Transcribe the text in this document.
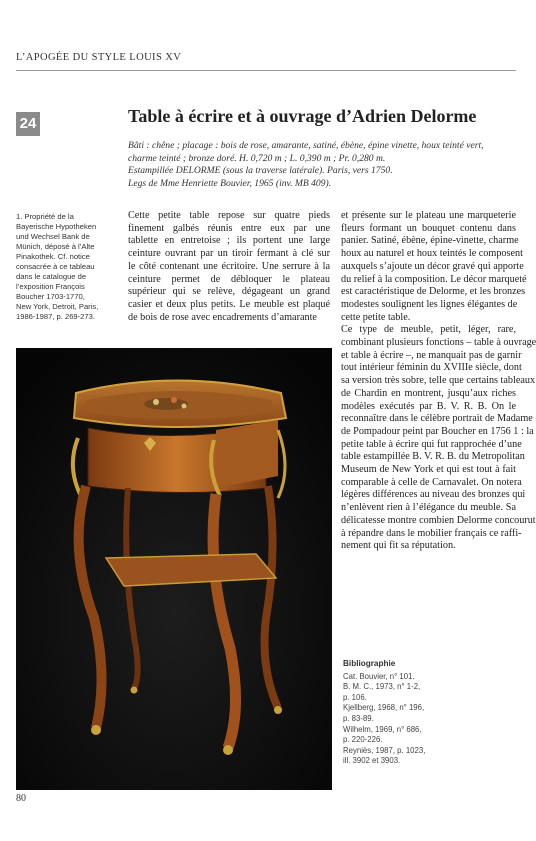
L’APOGÉE DU STYLE LOUIS XV
24	Table à écrire et à ouvrage d’Adrien Delorme
Bâti : chêne ; placage : bois de rose, amarante, satiné, ébène, épine vinette, houx teinté vert,
charme teinté ; bronze doré. H. 0,720 m ; L. 0,390 m ; Pr. 0,280 m.
Estampillée DELORME (sous la traverse latérale). Paris, vers 1750.
Legs de Mme Henriette Bouvier, 1965 (inv. MB 409).
1. Propriété de la
Bayerische Hypotheken
und Wechsel Bank de
Münich, déposé à l’Alte
Pinakothek. Cf. notice
consacrée à ce tableau
dans le catalogue de
l’exposition François
Boucher 1703-1770,
New York, Detroit, Paris,
1986-1987, p. 269-273.
Cette petite table repose sur quatre pieds
finement galbés réunis entre eux par une
tablette en entretoise ; ils portent une large
ceinture ouvrant par un tiroir fermant à clé sur
le côté contenant une écritoire. Une serrure à la
ceinture permet de débloquer le plateau
supérieur qui se relève, dégageant un grand
casier et deux plus petits. Le meuble est plaqué
de bois de rose avec encadrements d’amarante
et présente sur le plateau une marqueterie
fleurs formant un bouquet contenu dans
panier. Satiné, ébène, épine-vinette, charme
houx au naturel et houx teintés le composent
auxquels s’ajoute un décor gravé qui apporte
du relief à la composition. Le décor marqueté
est caractéristique de Delorme, et les bronzes
modestes soulignent les lignes élégantes de
cette petite table.
Ce type de meuble, petit, léger, rare,
combinant plusieurs fonctions – table à ouvrage
et table à écrire –, ne manquait pas de garnir
tout intérieur féminin du XVIIIe siècle, dont
sa version très sobre, telle que certains tableaux
de Chardin en montrent, jusqu’aux riches
modèles exécutés par B. V. R. B. On le
reconnaître dans le célèbre portrait de Madame
de Pompadour peint par Boucher en 1756 1 : la
petite table à écrire qui fut rapprochée d’une
table estampillée B. V. R. B. du Metropolitan
Museum de New York et qui est tout à fait
comparable à celle de Carnavalet. On notera
légères différences au niveau des bronzes qui
n’enlèvent rien à l’élégance du meuble. Sa
délicatesse montre combien Delorme concourut
à répandre dans le mobilier français ce raffi-
nement qui fit sa réputation.
Bibliographie
Cat. Bouvier, n° 101.
B. M. C., 1973, n° 1-2,
p. 106.
Kjellberg, 1968, n° 196,
p. 83-89.
Wilhelm, 1969, n° 686,
p. 220-226.
Reyniès, 1987, p. 1023,
ill. 3902 et 3903.
80
